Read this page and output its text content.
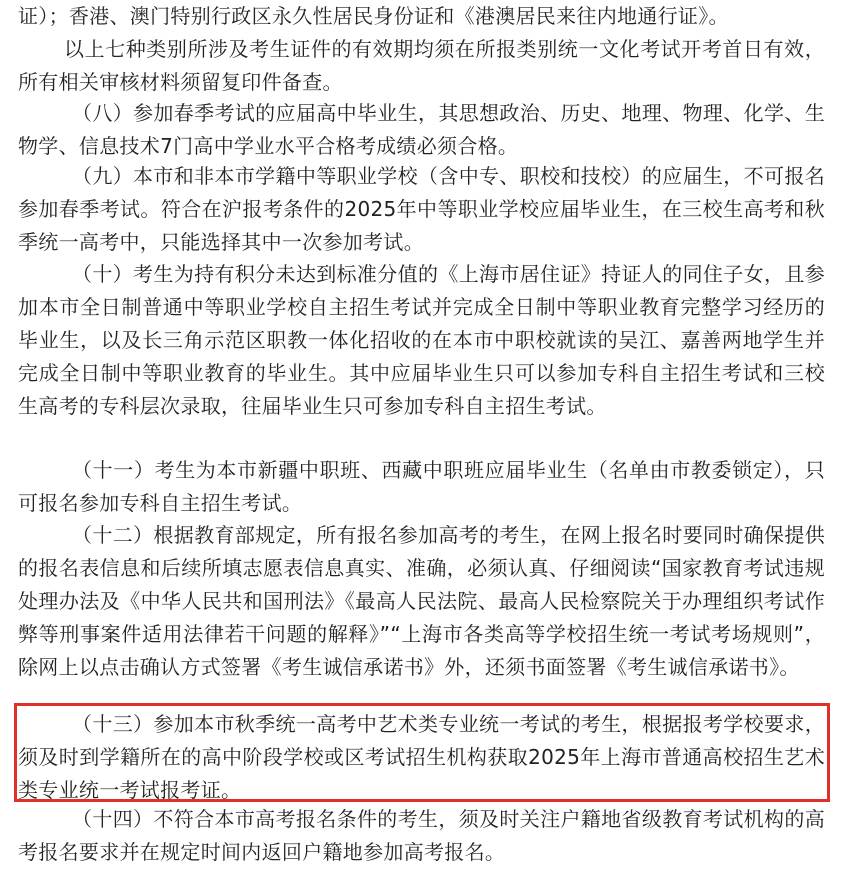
证）；香港、澳门特别行政区永久性居民身份证和《港澳居民来往内地通行证》。

以上七种类别所涉及考生证件的有效期均须在所报类别统一文化考试开考首日有效，所有相关审核材料须留复印件备查。

（八）参加春季考试的应届高中毕业生，其思想政治、历史、地理、物理、化学、生物学、信息技术7门高中学业水平合格考成绩必须合格。

（九）本市和非本市学籍中等职业学校（含中专、职校和技校）的应届生，不可报名参加春季考试。符合在沪报考条件的2025年中等职业学校应届毕业生，在三校生高考和秋季统一高考中，只能选择其中一次参加考试。

（十）考生为持有积分未达到标准分值的《上海市居住证》持证人的同住子女，且参加本市全日制普通中等职业学校自主招生考试并完成全日制中等职业教育完整学习经历的毕业生，以及长三角示范区职教一体化招收的在本市中职校就读的吴江、嘉善两地学生并完成全日制中等职业教育的毕业生。其中应届毕业生只可以参加专科自主招生考试和三校生高考的专科层次录取，往届毕业生只可参加专科自主招生考试。

（十一）考生为本市新疆中职班、西藏中职班应届毕业生（名单由市教委锁定），只可报名参加专科自主招生考试。

（十二）根据教育部规定，所有报名参加高考的考生，在网上报名时要同时确保提供的报名表信息和后续所填志愿表信息真实、准确，必须认真、仔细阅读“国家教育考试违规处理办法及《中华人民共和国刑法》《最高人民法院、最高人民检察院关于办理组织考试作弊等刑事案件适用法律若干问题的解释》”“上海市各类高等学校招生统一考试考场规则”，除网上以点击确认方式签署《考生诚信承诺书》外，还须书面签署《考生诚信承诺书》。

（十三）参加本市秋季统一高考中艺术类专业统一考试的考生，根据报考学校要求，须及时到学籍所在的高中阶段学校或区考试招生机构获取2025年上海市普通高校招生艺术类专业统一考试报考证。

（十四）不符合本市高考报名条件的考生，须及时关注户籍地省级教育考试机构的高考报名要求并在规定时间内返回户籍地参加高考报名。
